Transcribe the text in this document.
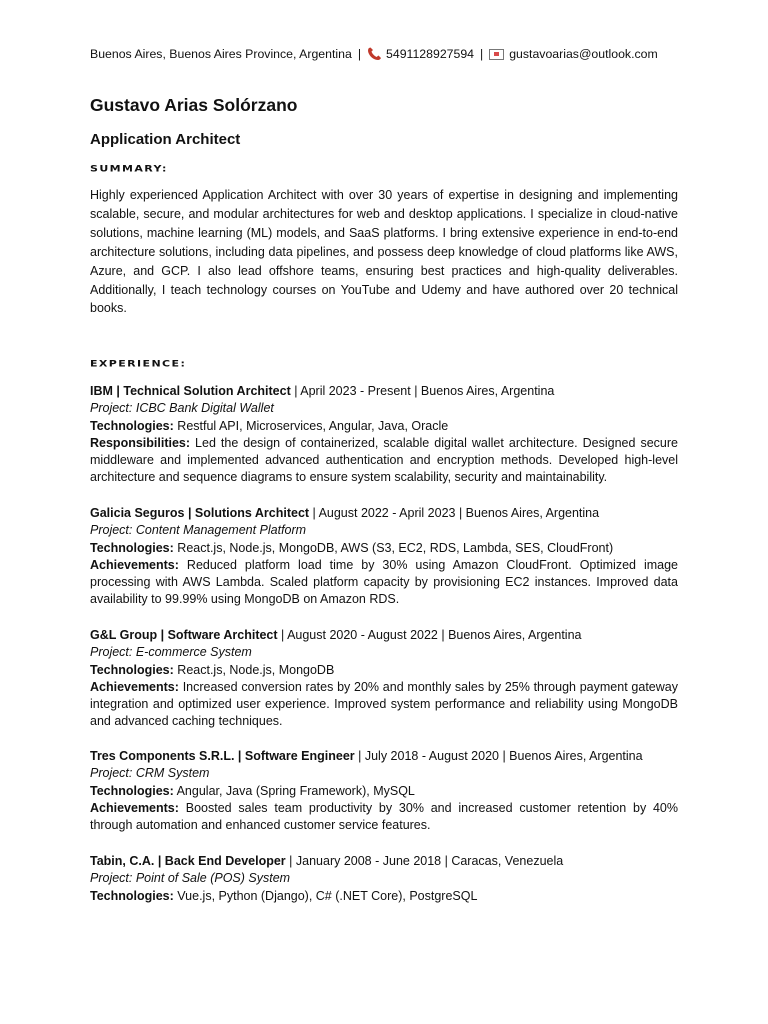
Buenos Aires, Buenos Aires Province, Argentina | 5491128927594 | gustavoarias@outlook.com
Gustavo Arias Solórzano
Application Architect
SUMMARY:

Highly experienced Application Architect with over 30 years of expertise in designing and implementing scalable, secure, and modular architectures for web and desktop applications. I specialize in cloud-native solutions, machine learning (ML) models, and SaaS platforms. I bring extensive experience in end-to-end architecture solutions, including data pipelines, and possess deep knowledge of cloud platforms like AWS, Azure, and GCP. I also lead offshore teams, ensuring best practices and high-quality deliverables. Additionally, I teach technology courses on YouTube and Udemy and have authored over 20 technical books.

EXPERIENCE:

IBM | Technical Solution Architect | April 2023 - Present | Buenos Aires, Argentina

Project: ICBC Bank Digital Wallet

Technologies: Restful API, Microservices, Angular, Java, Oracle

Responsibilities: Led the design of containerized, scalable digital wallet architecture. Designed secure middleware and implemented advanced authentication and encryption methods. Developed high-level architecture and sequence diagrams to ensure system scalability, security and maintainability.

Galicia Seguros | Solutions Architect | August 2022 - April 2023 | Buenos Aires, Argentina

Project: Content Management Platform

Technologies: React.js, Node.js, MongoDB, AWS (S3, EC2, RDS, Lambda, SES, CloudFront)

Achievements: Reduced platform load time by 30% using Amazon CloudFront. Optimized image processing with AWS Lambda. Scaled platform capacity by provisioning EC2 instances. Improved data availability to 99.99% using MongoDB on Amazon RDS.

G&L Group | Software Architect | August 2020 - August 2022 | Buenos Aires, Argentina

Project: E-commerce System

Technologies: React.js, Node.js, MongoDB

Achievements: Increased conversion rates by 20% and monthly sales by 25% through payment gateway integration and optimized user experience. Improved system performance and reliability using MongoDB and advanced caching techniques.

Tres Components S.R.L. | Software Engineer | July 2018 - August 2020 | Buenos Aires, Argentina

Project: CRM System

Technologies: Angular, Java (Spring Framework), MySQL

Achievements: Boosted sales team productivity by 30% and increased customer retention by 40% through automation and enhanced customer service features.

Tabin, C.A. | Back End Developer | January 2008 - June 2018 | Caracas, Venezuela

Project: Point of Sale (POS) System

Technologies: Vue.js, Python (Django), C# (.NET Core), PostgreSQL
